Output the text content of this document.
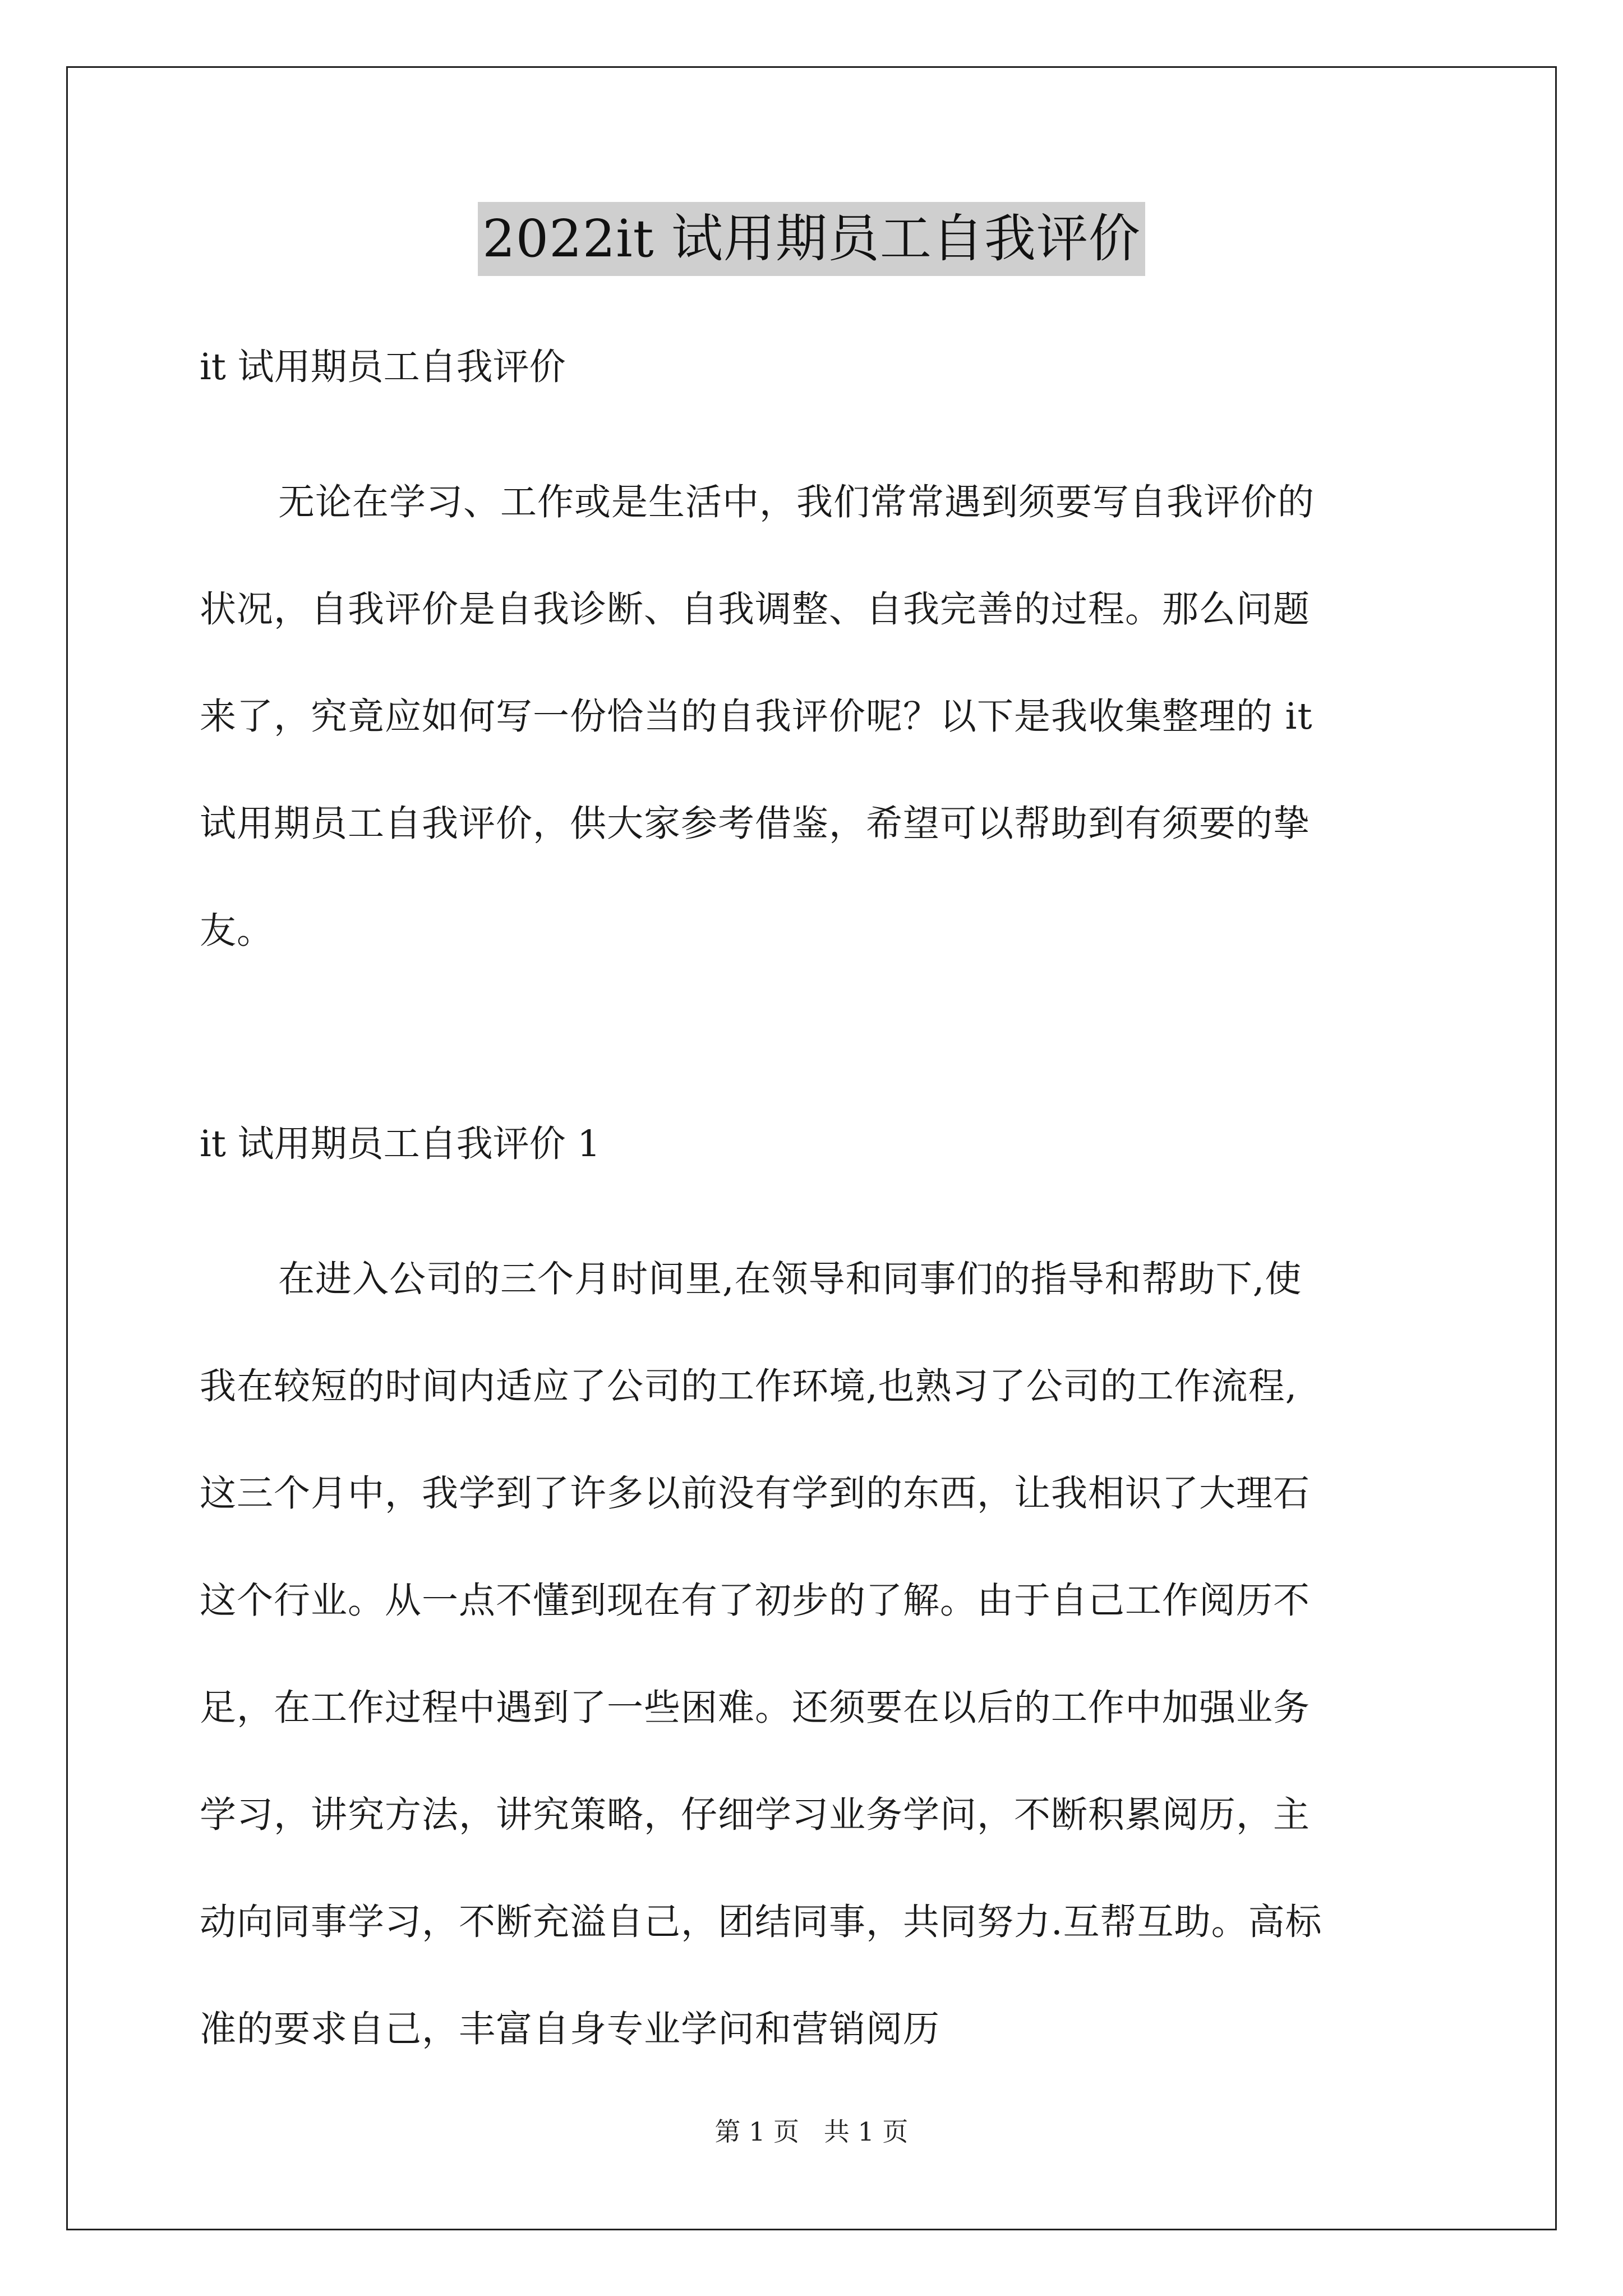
2022it 试用期员工自我评价
it 试用期员工自我评价

无论在学习、工作或是生活中，我们常常遇到须要写自我评价的
状况，自我评价是自我诊断、自我调整、自我完善的过程。那么问题
来了，究竟应如何写一份恰当的自我评价呢？以下是我收集整理的 it
试用期员工自我评价，供大家参考借鉴，希望可以帮助到有须要的挚
友。

it 试用期员工自我评价 1

在进入公司的三个月时间里,在领导和同事们的指导和帮助下,使
我在较短的时间内适应了公司的工作环境,也熟习了公司的工作流程,
这三个月中，我学到了许多以前没有学到的东西，让我相识了大理石
这个行业。从一点不懂到现在有了初步的了解。由于自己工作阅历不
足，在工作过程中遇到了一些困难。还须要在以后的工作中加强业务
学习，讲究方法，讲究策略，仔细学习业务学问，不断积累阅历，主
动向同事学习，不断充溢自己，团结同事，共同努力.互帮互助。高标
准的要求自己，丰富自身专业学问和营销阅历

第 1 页   共 1 页
